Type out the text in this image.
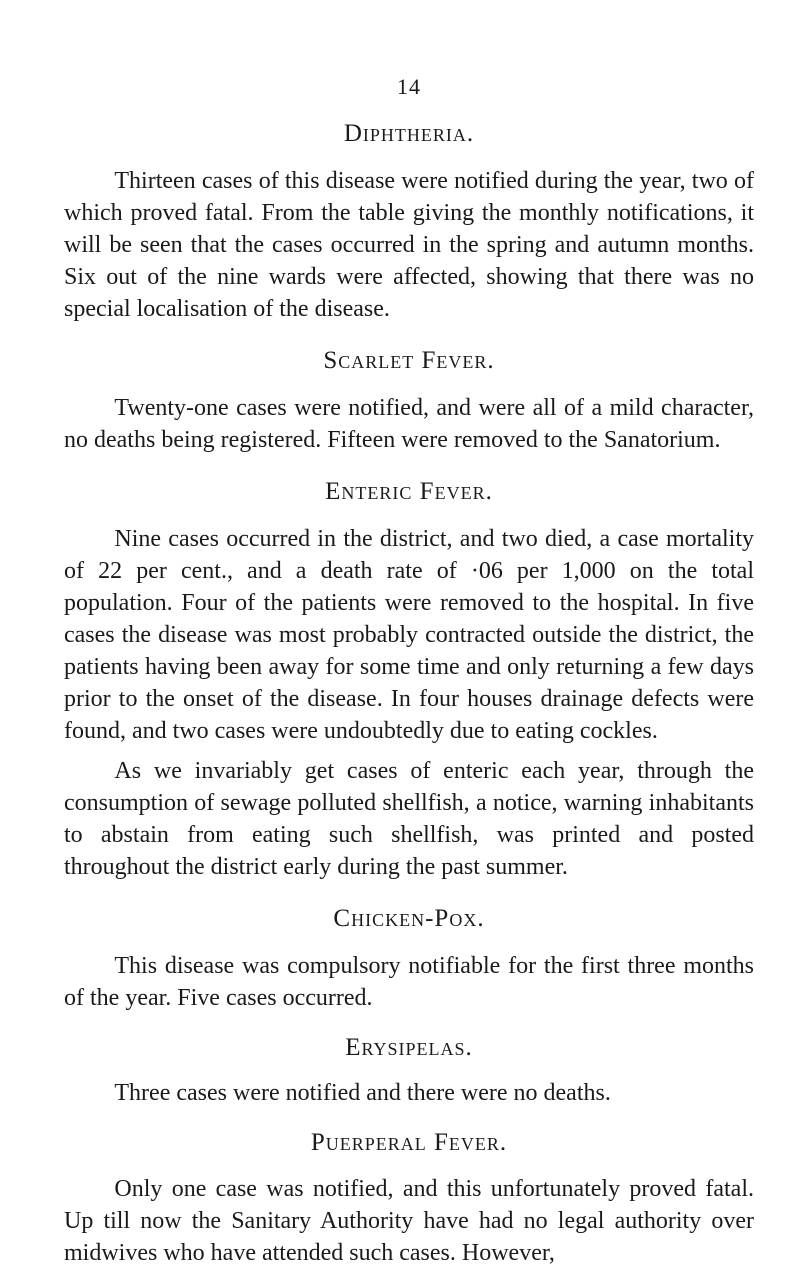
14
Diphtheria.

Thirteen cases of this disease were notified during the year, two of which proved fatal. From the table giving the monthly notifications, it will be seen that the cases occurred in the spring and autumn months. Six out of the nine wards were affected, showing that there was no special localisation of the disease.

Scarlet Fever.

Twenty-one cases were notified, and were all of a mild character, no deaths being registered. Fifteen were removed to the Sanatorium.

Enteric Fever.

Nine cases occurred in the district, and two died, a case mortality of 22 per cent., and a death rate of ·06 per 1,000 on the total population. Four of the patients were removed to the hospital. In five cases the disease was most probably contracted outside the district, the patients having been away for some time and only returning a few days prior to the onset of the disease. In four houses drainage defects were found, and two cases were undoubtedly due to eating cockles.

As we invariably get cases of enteric each year, through the consumption of sewage polluted shellfish, a notice, warning inhabitants to abstain from eating such shellfish, was printed and posted throughout the district early during the past summer.

Chicken-Pox.

This disease was compulsory notifiable for the first three months of the year. Five cases occurred.

Erysipelas.

Three cases were notified and there were no deaths.

Puerperal Fever.

Only one case was notified, and this unfortunately proved fatal. Up till now the Sanitary Authority have had no legal authority over midwives who have attended such cases. However,
